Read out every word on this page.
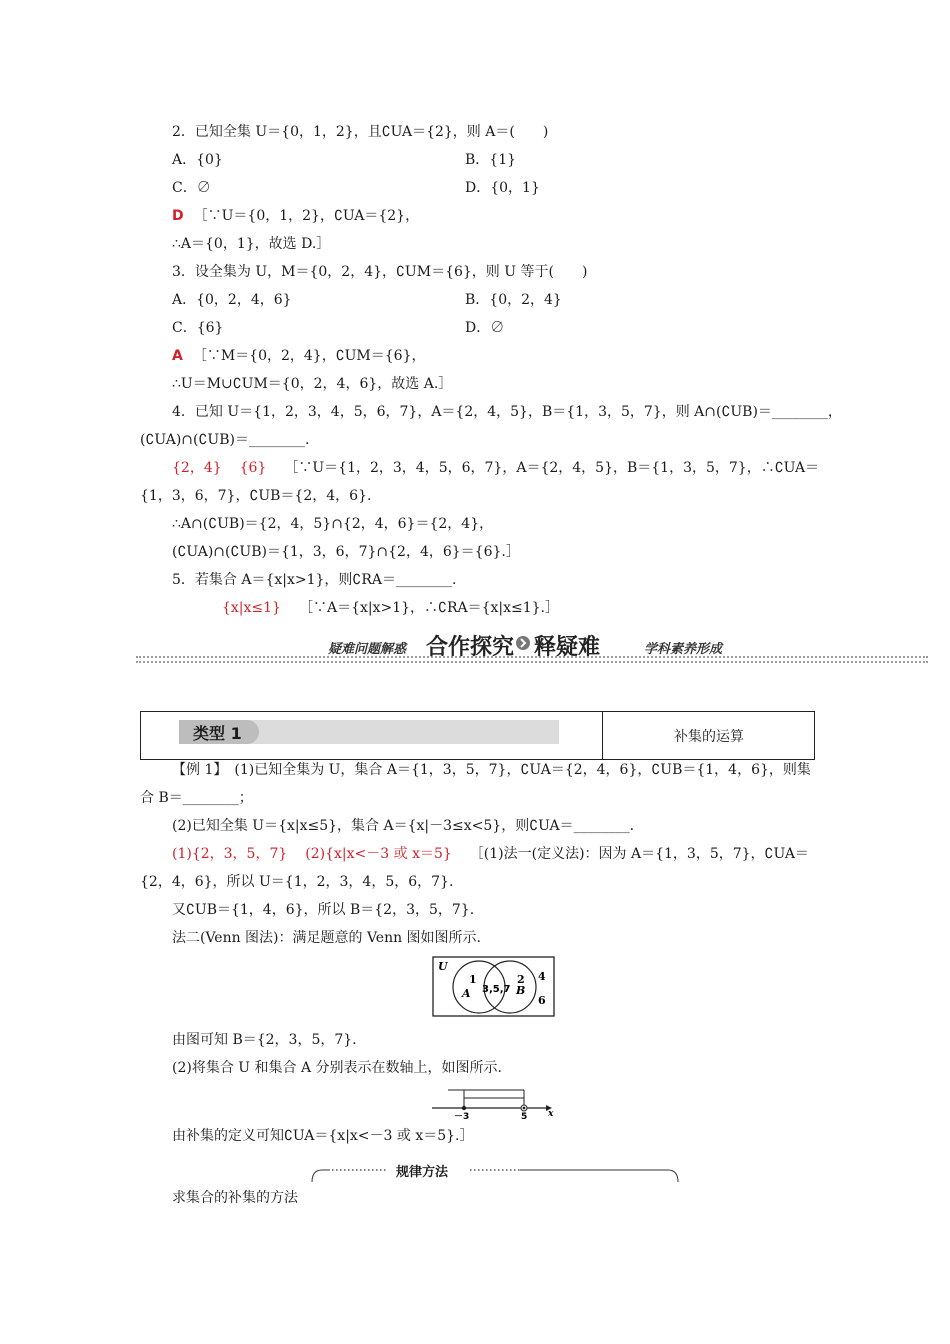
2．已知全集 U＝{0，1，2}，且∁UA＝{2}，则 A＝(　　)
A．{0}	B．{1}
C．∅	D．{0，1}
D ［∵U＝{0，1，2}，∁UA＝{2}，
∴A＝{0，1}，故选 D.］
3．设全集为 U，M＝{0，2，4}，∁UM＝{6}，则 U 等于(　　)
A．{0，2，4，6}	B．{0，2，4}
C．{6}	D．∅
A ［∵M＝{0，2，4}，∁UM＝{6}，
∴U＝M∪∁UM＝{0，2，4，6}，故选 A.］
4．已知 U＝{1，2，3，4，5，6，7}，A＝{2，4，5}，B＝{1，3，5，7}，则 A∩(∁UB)＝________，
(∁UA)∩(∁UB)＝________.
{2，4} {6} ［∵U＝{1，2，3，4，5，6，7}，A＝{2，4，5}，B＝{1，3，5，7}，∴∁UA＝
{1，3，6，7}，∁UB＝{2，4，6}.
∴A∩(∁UB)＝{2，4，5}∩{2，4，6}＝{2，4}，
(∁UA)∩(∁UB)＝{1，3，6，7}∩{2，4，6}＝{6}.］
5．若集合 A＝{x|x>1}，则∁RA＝________.
{x|x≤1} ［∵A＝{x|x>1}，∴∁RA＝{x|x≤1}.］
疑难问题解惑 合作探究 释疑难	学科素养形成
类型 1	补集的运算
【例 1】　(1)已知全集为 U，集合 A＝{1，3，5，7}，∁UA＝{2，4，6}，∁UB＝{1，4，6}，则集
合 B＝________；
(2)已知全集 U＝{x|x≤5}，集合 A＝{x|－3≤x<5}，则∁UA＝________.
(1){2，3，5，7} (2){x|x<－3 或 x＝5} ［(1)法一(定义法)：因为 A＝{1，3，5，7}，∁UA＝
{2，4，6}，所以 U＝{1，2，3，4，5，6，7}.
又∁UB＝{1，4，6}，所以 B＝{2，3，5，7}.
法二(Venn 图法)：满足题意的 Venn 图如图所示.
U
1
A 3,5,7
2
B
4
6
由图可知 B＝{2，3，5，7}.
(2)将集合 U 和集合 A 分别表示在数轴上，如图所示.
－3	5 x
由补集的定义可知∁UA＝{x|x<－3 或 x＝5}.］
规律方法
求集合的补集的方法
